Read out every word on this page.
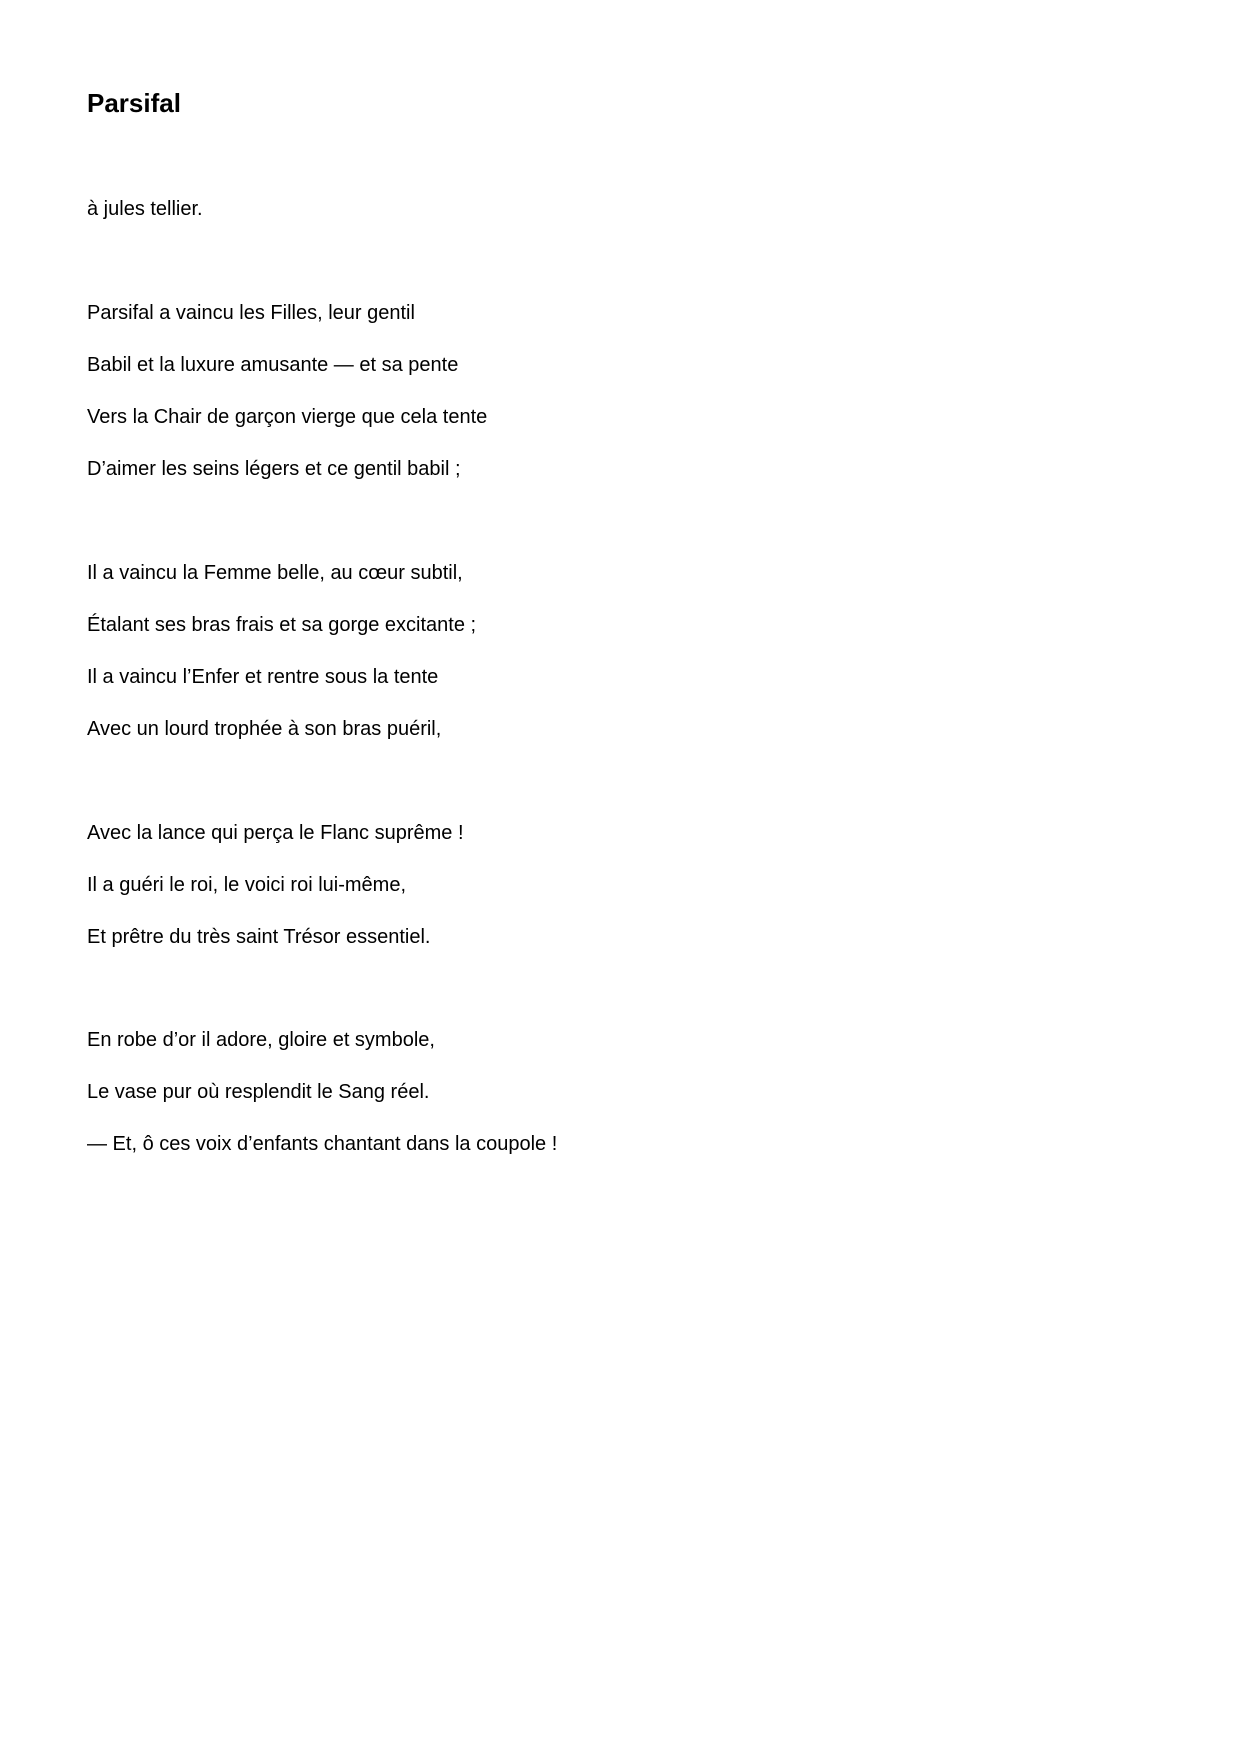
Parsifal

à jules tellier.

Parsifal a vaincu les Filles, leur gentil
Babil et la luxure amusante — et sa pente
Vers la Chair de garçon vierge que cela tente
D’aimer les seins légers et ce gentil babil ;
Il a vaincu la Femme belle, au cœur subtil,
Étalant ses bras frais et sa gorge excitante ;
Il a vaincu l’Enfer et rentre sous la tente
Avec un lourd trophée à son bras puéril,
Avec la lance qui perça le Flanc suprême !
Il a guéri le roi, le voici roi lui-même,
Et prêtre du très saint Trésor essentiel.
En robe d’or il adore, gloire et symbole,
Le vase pur où resplendit le Sang réel.
— Et, ô ces voix d’enfants chantant dans la coupole !
